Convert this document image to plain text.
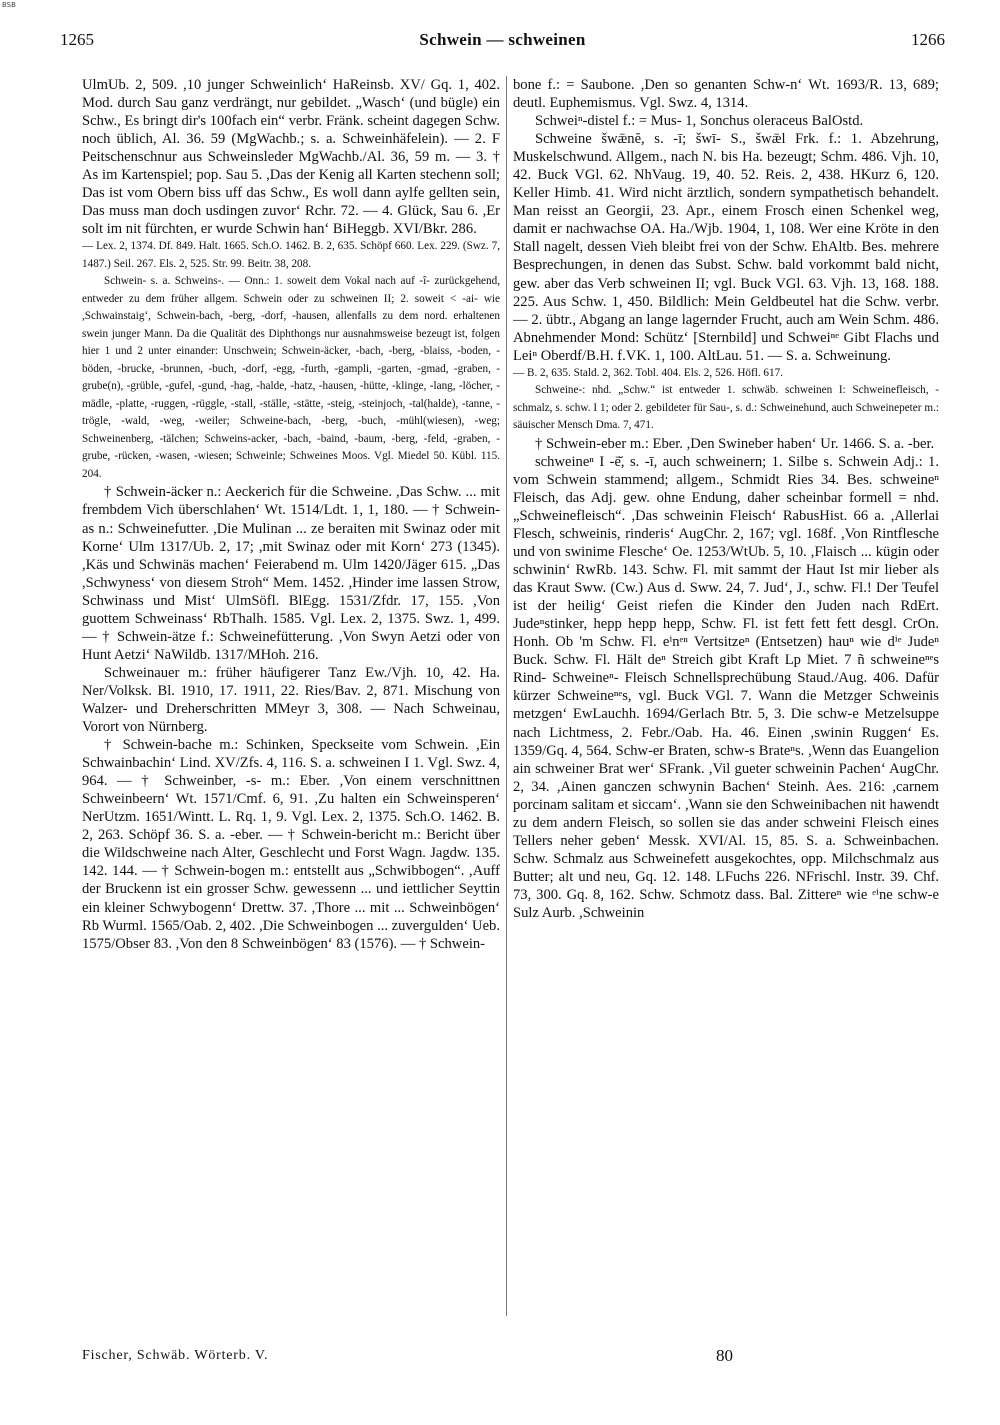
BSB
1265	Schwein — schweinen	1266

UlmUb. 2, 509. ,10 junger Schweinlich‘ HaReinsb. XV/ Gq. 1, 402. Mod. durch Sau ganz verdrängt, nur gebildet. „Wasch‘ (und bügle) ein Schw., Es bringt dir's 100fach ein“ verbr. Fränk. scheint dagegen Schw. noch üblich, Al. 36. 59 (MgWachb.; s. a. Schweinhäfelein). — 2. F Peitschenschnur aus Schweinsleder MgWachb./Al. 36, 59 m. — 3. † As im Kartenspiel; pop. Sau 5. ,Das der Kenig all Karten stechenn soll; Das ist vom Obern biss uff das Schw., Es woll dann aylfe gellten sein, Das muss man doch usdingen zuvor‘ Rchr. 72. — 4. Glück, Sau 6. ,Er solt im nit fürchten, er wurde Schwin han‘ BiHeggb. XVI/Bkr. 286.

— Lex. 2, 1374. Df. 849. Halt. 1665. Sch.O. 1462. B. 2, 635. Schöpf 660. Lex. 229. (Swz. 7, 1487.) Seil. 267. Els. 2, 525. Str. 99. Beitr. 38, 208.

Schwein- s. a. Schweins-. — Onn.: 1. soweit dem Vokal nach auf -î- zurückgehend, entweder zu dem früher allgem. Schwein oder zu schweinen II; 2. soweit < -ai- wie ,Schwainstaig‘, Schwein-bach, -berg, -dorf, -hausen, allenfalls zu dem nord. erhaltenen swein junger Mann. Da die Qualität des Diphthongs nur ausnahmsweise bezeugt ist, folgen hier 1 und 2 unter einander: Unschwein; Schwein-äcker, -bach, -berg, -blaiss, -boden, -böden, -brucke, -brunnen, -buch, -dorf, -egg, -furth, -gampli, -garten, -gmad, -graben, -grube(n), -grüble, -gufel, -gund, -hag, -halde, -hatz, -hausen, -hütte, -klinge, -lang, -löcher, -mädle, -platte, -ruggen, -rüggle, -stall, -ställe, -stätte, -steig, -steinjoch, -tal(halde), -tanne, -trögle, -wald, -weg, -weiler; Schweine-bach, -berg, -buch, -mühl(wiesen), -weg; Schweinenberg, -tälchen; Schweins-acker, -bach, -baind, -baum, -berg, -feld, -graben, -grube, -rücken, -wasen, -wiesen; Schweinle; Schweines Moos. Vgl. Miedel 50. Kübl. 115. 204.

† Schwein-äcker n.: Aeckerich für die Schweine. ,Das Schw. ... mit frembdem Vich überschlahen‘ Wt. 1514/Ldt. 1, 1, 180. — † Schwein-as n.: Schweinefutter. ,Die Mulinan ... ze beraiten mit Swinaz oder mit Korne‘ Ulm 1317/Ub. 2, 17; ,mit Swinaz oder mit Korn‘ 273 (1345). ,Käs und Schwinäs machen‘ Feierabend m. Ulm 1420/Jäger 615. „Das ,Schwyness‘ von diesem Stroh“ Mem. 1452. ,Hinder ime lassen Strow, Schwinass und Mist‘ UlmSöfl. BlEgg. 1531/Zfdr. 17, 155. ,Von guottem Schweinass‘ RbThalh. 1585. Vgl. Lex. 2, 1375. Swz. 1, 499. — † Schwein-ätze f.: Schweinefütterung. ,Von Swyn Aetzi oder von Hunt Aetzi‘ NaWildb. 1317/MHoh. 216.

Schweinauer m.: früher häufigerer Tanz Ew./Vjh. 10, 42. Ha. Ner/Volksk. Bl. 1910, 17. 1911, 22. Ries/Bav. 2, 871. Mischung von Walzer- und Dreherschritten MMeyr 3, 308. — Nach Schweinau, Vorort von Nürnberg.

† Schwein-bache m.: Schinken, Speckseite vom Schwein. ,Ein Schwainbachin‘ Lind. XV/Zfs. 4, 116. S. a. schweinen I 1. Vgl. Swz. 4, 964. — † Schweinber, -s- m.: Eber. ,Von einem verschnittnen Schweinbeern‘ Wt. 1571/Cmf. 6, 91. ,Zu halten ein Schweinsperen‘ NerUtzm. 1651/Wintt. L. Rq. 1, 9. Vgl. Lex. 2, 1375. Sch.O. 1462. B. 2, 263. Schöpf 36. S. a. -eber. — † Schwein-bericht m.: Bericht über die Wildschweine nach Alter, Geschlecht und Forst Wagn. Jagdw. 135. 142. 144. — † Schwein-bogen m.: entstellt aus „Schwibbogen“. ,Auff der Bruckenn ist ein grosser Schw. gewessenn ... und iettlicher Seyttin ein kleiner Schwybogenn‘ Drettw. 37. ,Thore ... mit ... Schweinbögen‘ Rb Wurml. 1565/Oab. 2, 402. ,Die Schweinbogen ... zuvergulden‘ Ueb. 1575/Obser 83. ,Von den 8 Schweinbögen‘ 83 (1576). — † Schwein-

bone f.: = Saubone. ,Den so genanten Schw-n‘ Wt. 1693/R. 13, 689; deutl. Euphemismus. Vgl. Swz. 4, 1314.

Schweiⁿ-distel f.: = Mus- 1, Sonchus oleraceus BalOstd.

Schweine šwǣnĕ, s. -ī; šwī- S., šwǣl Frk. f.: 1. Abzehrung, Muskelschwund. Allgem., nach N. bis Ha. bezeugt; Schm. 486. Vjh. 10, 42. Buck VGl. 62. NhVaug. 19, 40. 52. Reis. 2, 438. HKurz 6, 120. Keller Himb. 41. Wird nicht ärztlich, sondern sympathetisch behandelt. Man reisst an Georgii, 23. Apr., einem Frosch einen Schenkel weg, damit er nachwachse OA. Ha./Wjb. 1904, 1, 108. Wer eine Kröte in den Stall nagelt, dessen Vieh bleibt frei von der Schw. EhAltb. Bes. mehrere Besprechungen, in denen das Subst. Schw. bald vorkommt bald nicht, gew. aber das Verb schweinen II; vgl. Buck VGl. 63. Vjh. 13, 168. 188. 225. Aus Schw. 1, 450. Bildlich: Mein Geldbeutel hat die Schw. verbr. — 2. übtr., Abgang an lange lagernder Frucht, auch am Wein Schm. 486. Abnehmender Mond: Schütz‘ [Sternbild] und Schweiⁿᵉ Gibt Flachs und Leiⁿ Oberdf/B.H. f.VK. 1, 100. AltLau. 51. — S. a. Schweinung.

— B. 2, 635. Stald. 2, 362. Tobl. 404. Els. 2, 526. Höfl. 617.

Schweine-: nhd. „Schw.“ ist entweder 1. schwäb. schweinen I: Schweinefleisch, -schmalz, s. schw. I 1; oder 2. gebildeter für Sau-, s. d.: Schweinehund, auch Schweinepeter m.: säuischer Mensch Dma. 7, 471.

† Schwein-eber m.: Eber. ,Den Swineber haben‘ Ur. 1466. S. a. -ber.

schweineⁿ I -ē̆, s. -ī, auch schweinern; 1. Silbe s. Schwein Adj.: 1. vom Schwein stammend; allgem., Schmidt Ries 34. Bes. schweineⁿ Fleisch, das Adj. gew. ohne Endung, daher scheinbar formell = nhd. „Schweinefleisch“. ,Das schweinin Fleisch‘ RabusHist. 66 a. ,Allerlai Flesch, schweinis, rinderis‘ AugChr. 2, 167; vgl. 168f. ,Von Rintflesche und von swinime Flesche‘ Oe. 1253/WtUb. 5, 10. ,Flaisch ... kügin oder schwinin‘ RwRb. 143. Schw. Fl. mit sammt der Haut Ist mir lieber als das Kraut Sww. (Cw.) Aus d. Sww. 24, 7. Jud‘, J., schw. Fl.! Der Teufel ist der heilig‘ Geist riefen die Kinder den Juden nach RdErt. Judeⁿstinker, hepp hepp hepp, Schw. Fl. ist fett fett fett desgl. CrOn. Honh. Ob 'm Schw. Fl. eⁱnᵉⁿ Vertsitzeⁿ (Entsetzen) hauⁿ wie dⁱᵉ Judeⁿ Buck. Schw. Fl. Hält deⁿ Streich gibt Kraft Lp Miet. 7 ñ schweineⁿᵉs Rind- Schweineⁿ- Fleisch Schnellsprechübung Staud./Aug. 406. Dafür kürzer Schweineⁿᵉs, vgl. Buck VGl. 7. Wann die Metzger Schweinis metzgen‘ EwLauchh. 1694/Gerlach Btr. 5, 3. Die schw-e Metzelsuppe nach Lichtmess, 2. Febr./Oab. Ha. 46. Einen ,swinin Ruggen‘ Es. 1359/Gq. 4, 564. Schw-er Braten, schw-s Brateⁿs. ,Wenn das Euangelion ain schweiner Brat wer‘ SFrank. ,Vil gueter schweinin Pachen‘ AugChr. 2, 34. ,Ainen ganczen schwynin Bachen‘ Steinh. Aes. 216: ,carnem porcinam salitam et siccam‘. ,Wann sie den Schweinibachen nit hawendt zu dem andern Fleisch, so sollen sie das ander schweini Fleisch eines Tellers neher geben‘ Messk. XVI/Al. 15, 85. S. a. Schweinbachen. Schw. Schmalz aus Schweinefett ausgekochtes, opp. Milchschmalz aus Butter; alt und neu, Gq. 12. 148. LFuchs 226. NFrischl. Instr. 39. Chf. 73, 300. Gq. 8, 162. Schw. Schmotz dass. Bal. Zittereⁿ wie ᵉⁱne schw-e Sulz Aurb. ,Schweinin

Fischer, Schwäb. Wörterb. V.	80
